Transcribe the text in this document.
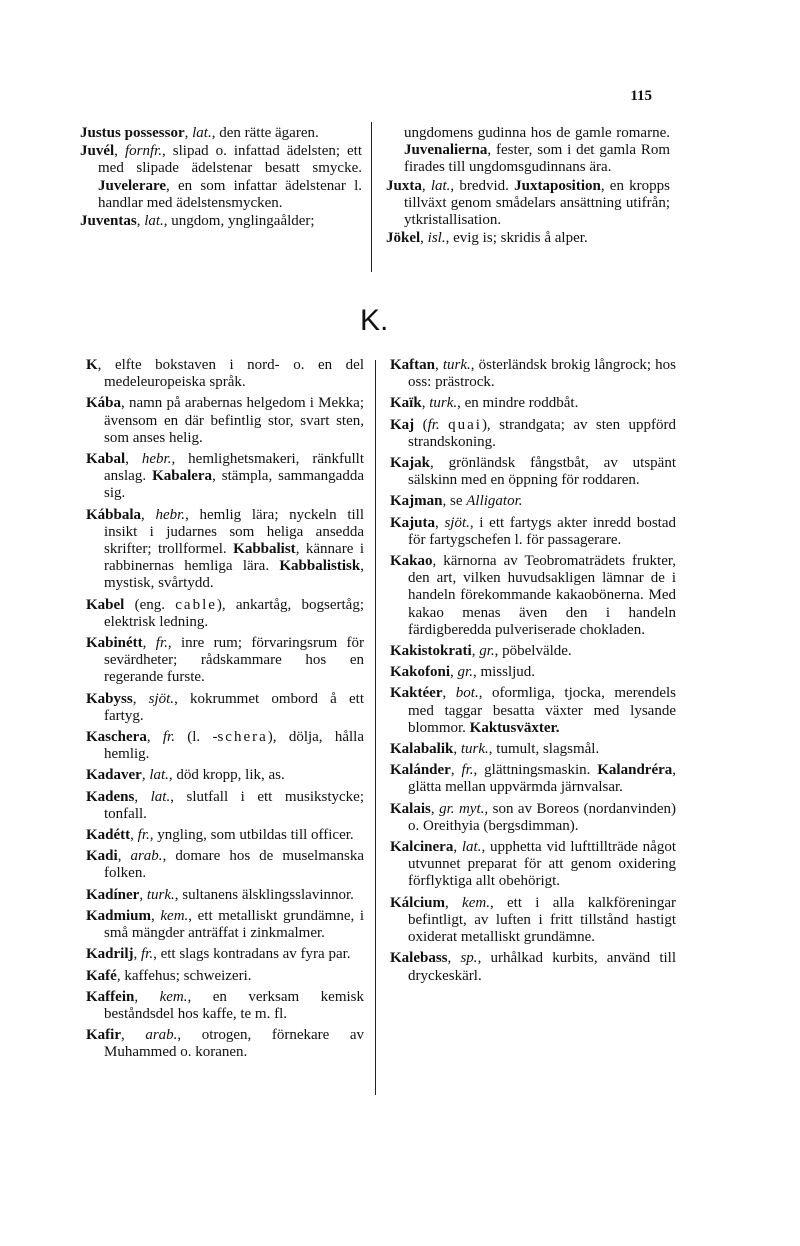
115

Justus possessor, lat., den rätte ägaren.

Juvél, fornfr., slipad o. infattad ädelsten; ett med slipade ädelstenar besatt smycke. Juvelerare, en som infattar ädelstenar l. handlar med ädelstensmycken.

Juventas, lat., ungdom, ynglingaålder;

ungdomens gudinna hos de gamle romarne. Juvenalierna, fester, som i det gamla Rom firades till ungdomsgudinnans ära.

Juxta, lat., bredvid. Juxtaposition, en kropps tillväxt genom smådelars ansättning utifrån; ytkristallisation.

Jökel, isl., evig is; skridis å alper.

K.

K, elfte bokstaven i nord- o. en del medeleuropeiska språk.

Kába, namn på arabernas helgedom i Mekka; ävensom en där befintlig stor, svart sten, som anses helig.

Kabal, hebr., hemlighetsmakeri, ränkfullt anslag. Kabalera, stämpla, sammangadda sig.

Kábbala, hebr., hemlig lära; nyckeln till insikt i judarnes som heliga ansedda skrifter; trollformel. Kabbalist, kännare i rabbinernas hemliga lära. Kabbalistisk, mystisk, svårtydd.

Kabel (eng. cable), ankartåg, bogsertåg; elektrisk ledning.

Kabinétt, fr., inre rum; förvaringsrum för sevärdheter; rådskammare hos en regerande furste.

Kabyss, sjöt., kokrummet ombord å ett fartyg.

Kaschera, fr. (l. -schera), dölja, hålla hemlig.

Kadaver, lat., död kropp, lik, as.

Kadens, lat., slutfall i ett musikstycke; tonfall.

Kadétt, fr., yngling, som utbildas till officer.

Kadi, arab., domare hos de muselmanska folken.

Kadíner, turk., sultanens älsklingsslavinnor.

Kadmium, kem., ett metalliskt grundämne, i små mängder anträffat i zinkmalmer.

Kadrilj, fr., ett slags kontradans av fyra par.

Kafé, kaffehus; schweizeri.

Kaffein, kem., en verksam kemisk beståndsdel hos kaffe, te m. fl.

Kafir, arab., otrogen, förnekare av Muhammed o. koranen.

Kaftan, turk., österländsk brokig långrock; hos oss: prästrock.

Kaïk, turk., en mindre roddbåt.

Kaj (fr. quai), strandgata; av sten uppförd strandskoning.

Kajak, grönländsk fångstbåt, av utspänt sälskinn med en öppning för roddaren.

Kajman, se Alligator.

Kajuta, sjöt., i ett fartygs akter inredd bostad för fartygschefen l. för passagerare.

Kakao, kärnorna av Teobromaträdets frukter, den art, vilken huvudsakligen lämnar de i handeln förekommande kakaobönerna. Med kakao menas även den i handeln färdigberedda pulveriserade chokladen.

Kakistokrati, gr., pöbelvälde.

Kakofoni, gr., misslјud.

Kaktéer, bot., oformliga, tjocka, merendels med taggar besatta växter med lysande blommor. Kaktusväxter.

Kalabalik, turk., tumult, slagsmål.

Kalánder, fr., glättningsmaskin. Kalandréra, glätta mellan uppvärmda järnvalsar.

Kalais, gr. myt., son av Boreos (nordanvinden) o. Oreithyia (bergsdimman).

Kalcinera, lat., upphetta vid lufttillträde något utvunnet preparat för att genom oxidering förflyktiga allt obehörigt.

Kálcium, kem., ett i alla kalkföreningar befintligt, av luften i fritt tillstånd hastigt oxiderat metalliskt grundämne.

Kalebass, sp., urhålkad kurbits, använd till dryckeskärl.
